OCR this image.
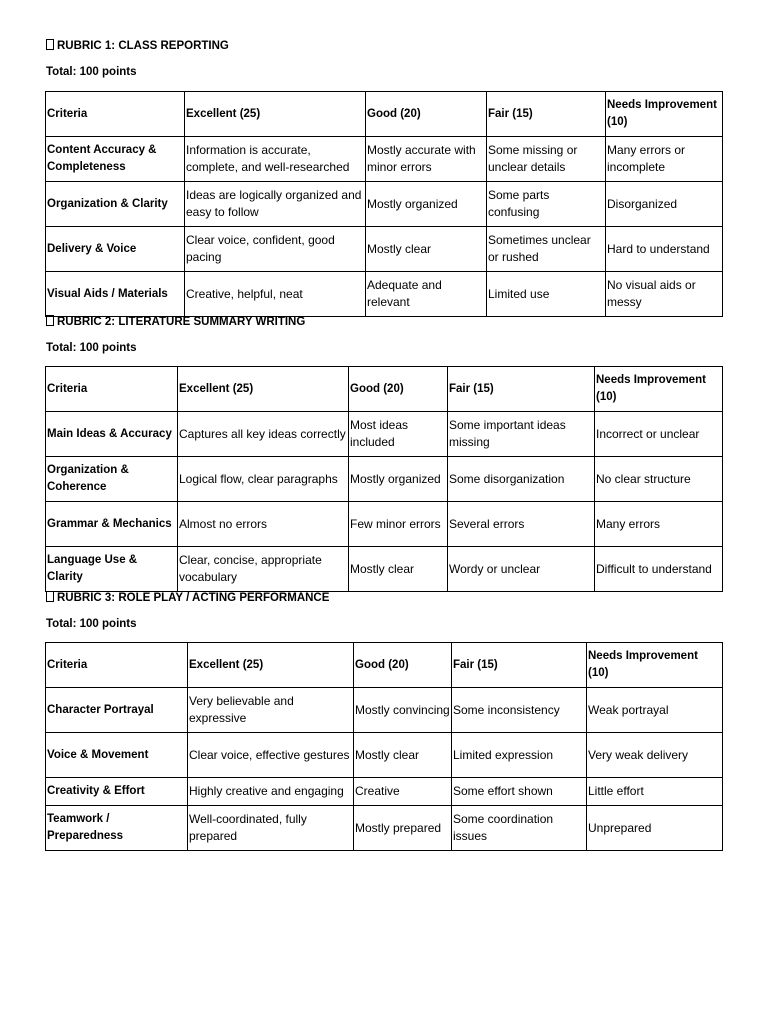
RUBRIC 1: CLASS REPORTING
Total: 100 points
Criteria	Excellent (25)	Good (20)	Fair (15)	Needs Improvement (10)
Content Accuracy & Completeness	Information is accurate, complete, and well-researched	Mostly accurate with minor errors	Some missing or unclear details	Many errors or incomplete
Organization & Clarity	Ideas are logically organized and easy to follow	Mostly organized	Some parts confusing	Disorganized
Delivery & Voice	Clear voice, confident, good pacing	Mostly clear	Sometimes unclear or rushed	Hard to understand
Visual Aids / Materials	Creative, helpful, neat	Adequate and relevant	Limited use	No visual aids or messy
RUBRIC 2: LITERATURE SUMMARY WRITING
Total: 100 points
Criteria	Excellent (25)	Good (20)	Fair (15)	Needs Improvement (10)
Main Ideas & Accuracy	Captures all key ideas correctly	Most ideas included	Some important ideas missing	Incorrect or unclear
Organization & Coherence	Logical flow, clear paragraphs	Mostly organized	Some disorganization	No clear structure
Grammar & Mechanics	Almost no errors	Few minor errors	Several errors	Many errors
Language Use & Clarity	Clear, concise, appropriate vocabulary	Mostly clear	Wordy or unclear	Difficult to understand
RUBRIC 3: ROLE PLAY / ACTING PERFORMANCE
Total: 100 points
Criteria	Excellent (25)	Good (20)	Fair (15)	Needs Improvement (10)
Character Portrayal	Very believable and expressive	Mostly convincing	Some inconsistency	Weak portrayal
Voice & Movement	Clear voice, effective gestures	Mostly clear	Limited expression	Very weak delivery
Creativity & Effort	Highly creative and engaging	Creative	Some effort shown	Little effort
Teamwork / Preparedness	Well-coordinated, fully prepared	Mostly prepared	Some coordination issues	Unprepared
